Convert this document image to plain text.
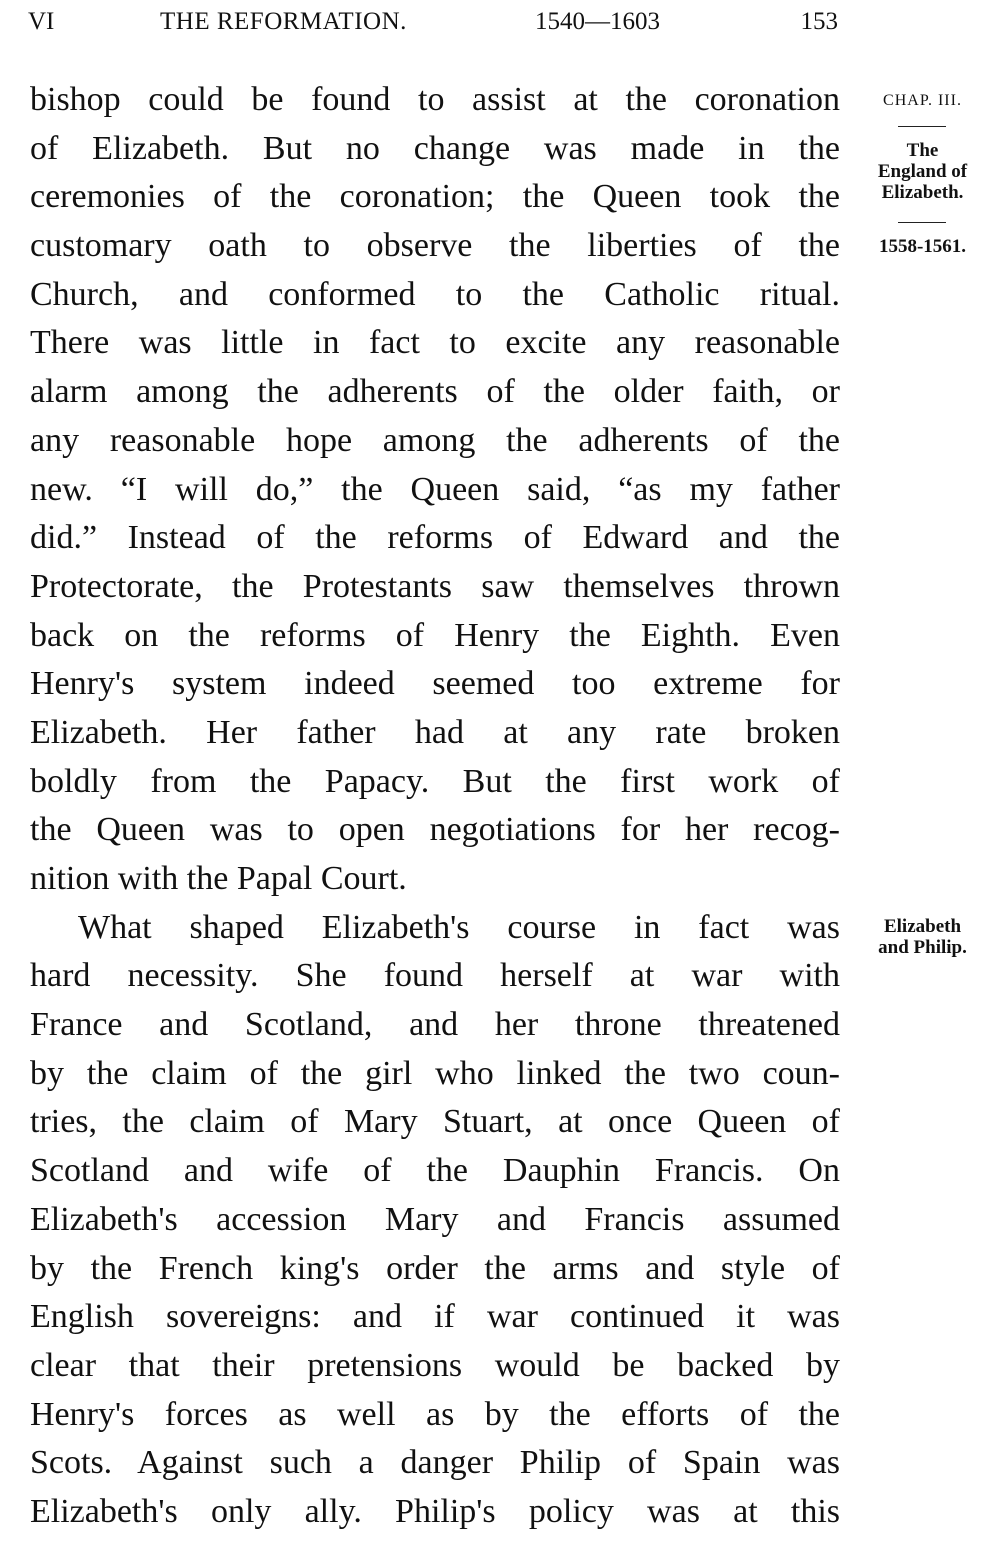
VI	THE REFORMATION.	1540—1603	153
bishop could be found to assist at the coronation
of Elizabeth. But no change was made in the
ceremonies of the coronation; the Queen took the
customary oath to observe the liberties of the
Church, and conformed to the Catholic ritual.
There was little in fact to excite any reasonable
alarm among the adherents of the older faith, or
any reasonable hope among the adherents of the
new. “I will do,” the Queen said, “as my father
did.” Instead of the reforms of Edward and the
Protectorate, the Protestants saw themselves thrown
back on the reforms of Henry the Eighth. Even
Henry's system indeed seemed too extreme for
Elizabeth. Her father had at any rate broken
boldly from the Papacy. But the first work of
the Queen was to open negotiations for her recog-
nition with the Papal Court.
What shaped Elizabeth's course in fact was
hard necessity. She found herself at war with
France and Scotland, and her throne threatened
by the claim of the girl who linked the two coun-
tries, the claim of Mary Stuart, at once Queen of
Scotland and wife of the Dauphin Francis. On
Elizabeth's accession Mary and Francis assumed
by the French king's order the arms and style of
English sovereigns: and if war continued it was
clear that their pretensions would be backed by
Henry's forces as well as by the efforts of the
Scots. Against such a danger Philip of Spain was
Elizabeth's only ally. Philip's policy was at this
CHAP. III.
The
England of
Elizabeth.
1558-1561.
Elizabeth
and Philip.
